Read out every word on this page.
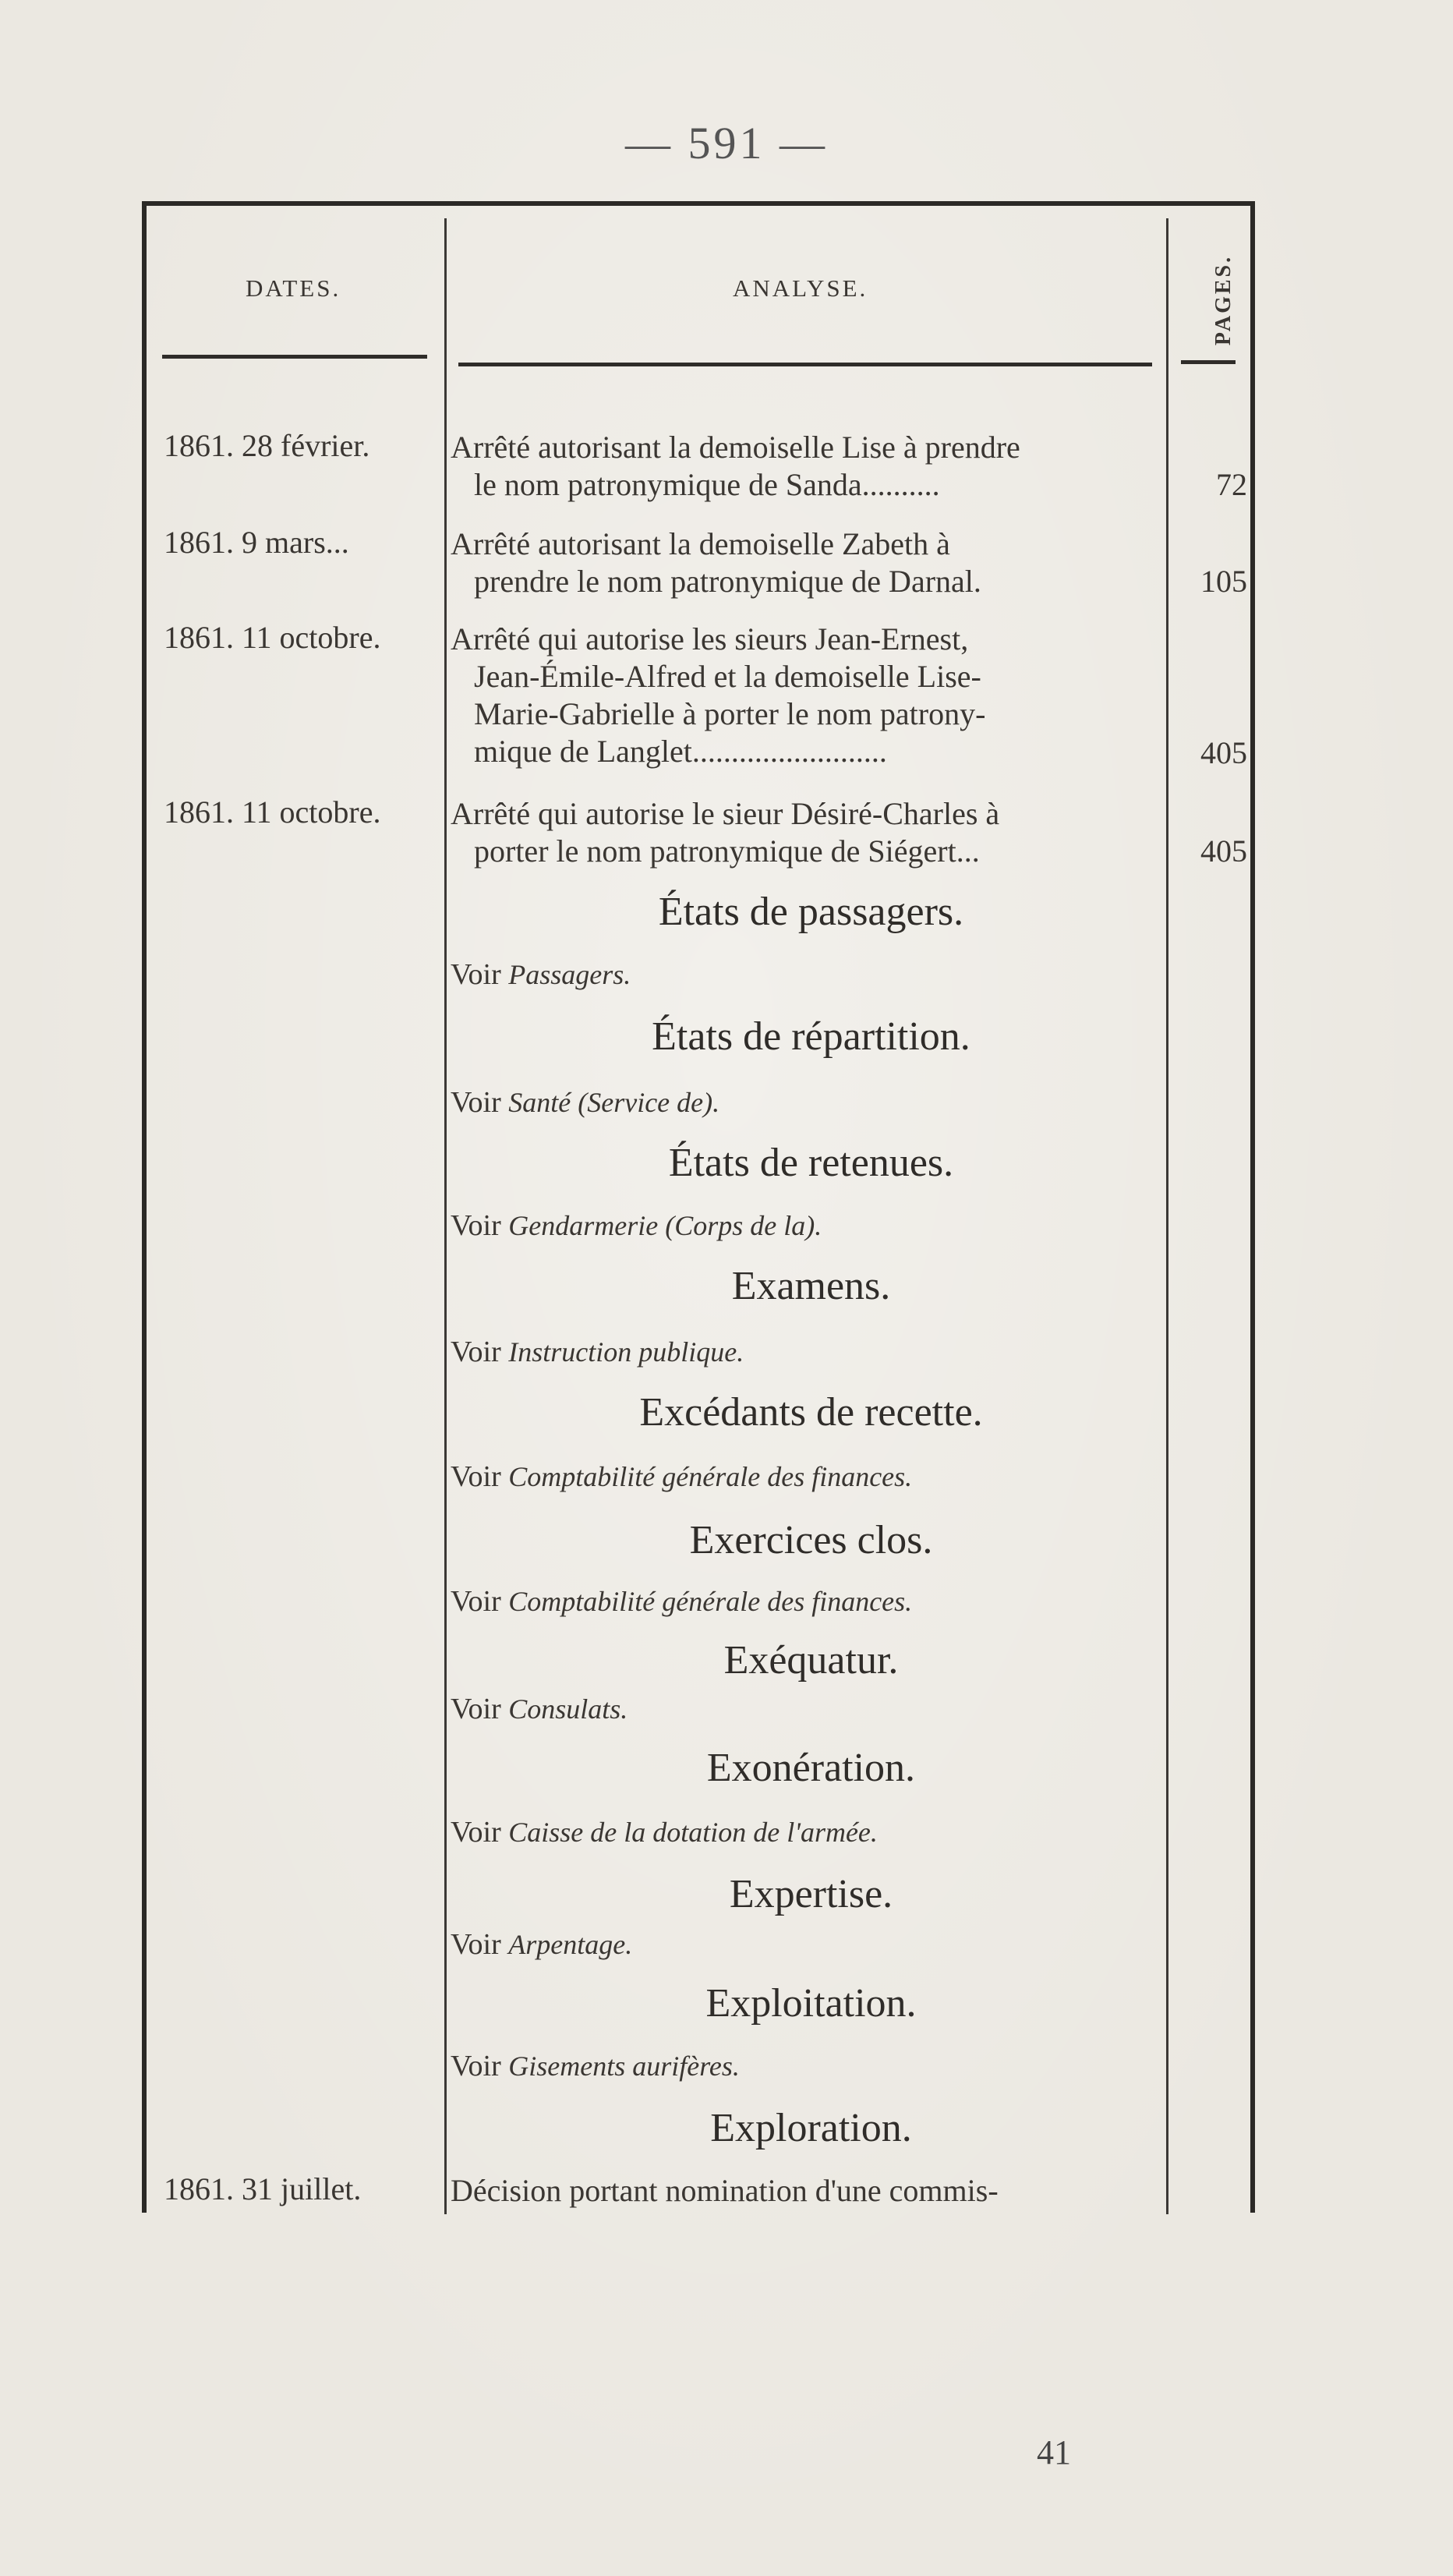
— 591 —
DATES.	ANALYSE.	PAGES.
1861. 28 février.	Arrêté autorisant la demoiselle Lise à prendre
le nom patronymique de Sanda..........	72
1861. 9 mars...	Arrêté autorisant la demoiselle Zabeth à
prendre le nom patronymique de Darnal.	105
1861. 11 octobre.	Arrêté qui autorise les sieurs Jean-Ernest,
Jean-Émile-Alfred et la demoiselle Lise-
Marie-Gabrielle à porter le nom patrony-
mique de Langlet.........................	405
1861. 11 octobre.	Arrêté qui autorise le sieur Désiré-Charles à
porter le nom patronymique de Siégert...	405
États de passagers.
Voir Passagers.
États de répartition.
Voir Santé (Service de).
États de retenues.
Voir Gendarmerie (Corps de la).
Examens.
Voir Instruction publique.
Excédants de recette.
Voir Comptabilité générale des finances.
Exercices clos.
Voir Comptabilité générale des finances.
Exéquatur.
Voir Consulats.
Exonération.
Voir Caisse de la dotation de l'armée.
Expertise.
Voir Arpentage.
Exploitation.
Voir Gisements aurifères.
Exploration.
1861. 31 juillet.	Décision portant nomination d'une commis-
41
